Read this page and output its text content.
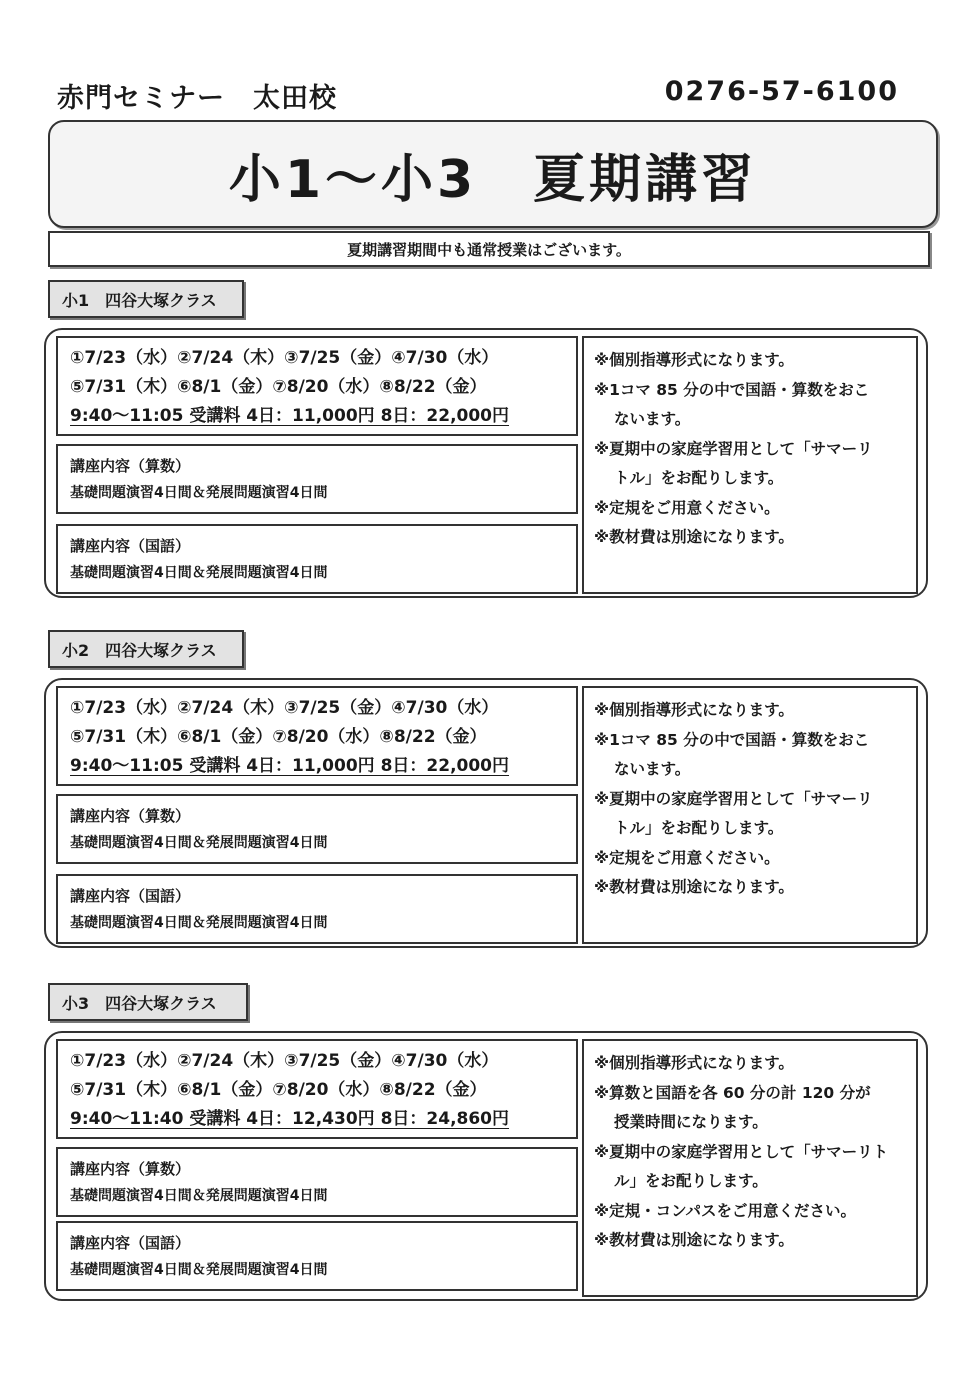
赤門セミナー　太田校	0276-57-6100
小1～小3　夏期講習
夏期講習期間中も通常授業はございます。
小1　四谷大塚クラス
①7/23（水）②7/24（木）③7/25（金）④7/30（水）
⑤7/31（木）⑥8/1（金）⑦8/20（水）⑧8/22（金）
9:40～11:05 受講料 4日：11,000円 8日：22,000円
講座内容（算数）
基礎問題演習4日間＆発展問題演習4日間
講座内容（国語）
基礎問題演習4日間＆発展問題演習4日間
※個別指導形式になります。
※1コマ 85 分の中で国語・算数をおこ
ないます。
※夏期中の家庭学習用として「サマーリ
トル」をお配りします。
※定規をご用意ください。
※教材費は別途になります。
小2　四谷大塚クラス
①7/23（水）②7/24（木）③7/25（金）④7/30（水）
⑤7/31（木）⑥8/1（金）⑦8/20（水）⑧8/22（金）
9:40～11:05 受講料 4日：11,000円 8日：22,000円
講座内容（算数）
基礎問題演習4日間＆発展問題演習4日間
講座内容（国語）
基礎問題演習4日間＆発展問題演習4日間
※個別指導形式になります。
※1コマ 85 分の中で国語・算数をおこ
ないます。
※夏期中の家庭学習用として「サマーリ
トル」をお配りします。
※定規をご用意ください。
※教材費は別途になります。
小3　四谷大塚クラス
①7/23（水）②7/24（木）③7/25（金）④7/30（水）
⑤7/31（木）⑥8/1（金）⑦8/20（水）⑧8/22（金）
9:40～11:40 受講料 4日：12,430円 8日：24,860円
講座内容（算数）
基礎問題演習4日間＆発展問題演習4日間
講座内容（国語）
基礎問題演習4日間＆発展問題演習4日間
※個別指導形式になります。
※算数と国語を各 60 分の計 120 分が
授業時間になります。
※夏期中の家庭学習用として「サマーリト
ル」をお配りします。
※定規・コンパスをご用意ください。
※教材費は別途になります。
